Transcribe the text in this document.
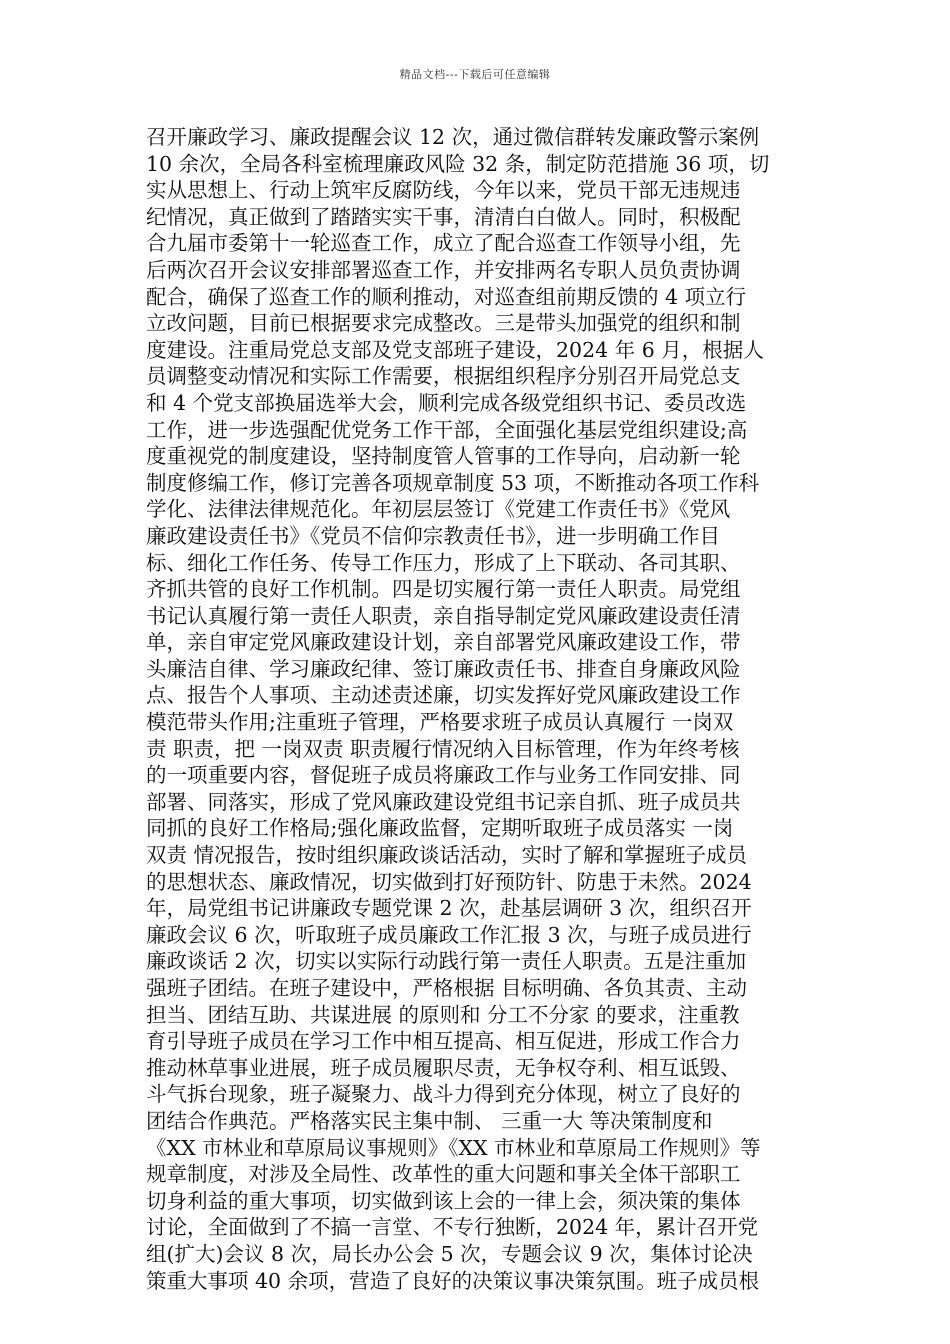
精品文档---下载后可任意编辑
召开廉政学习、廉政提醒会议 12 次，通过微信群转发廉政警示案例
10 余次，全局各科室梳理廉政风险 32 条，制定防范措施 36 项，切
实从思想上、行动上筑牢反腐防线，今年以来，党员干部无违规违
纪情况，真正做到了踏踏实实干事，清清白白做人。同时，积极配
合九届市委第十一轮巡查工作，成立了配合巡查工作领导小组，先
后两次召开会议安排部署巡查工作，并安排两名专职人员负责协调
配合，确保了巡查工作的顺利推动，对巡查组前期反馈的 4 项立行
立改问题，目前已根据要求完成整改。三是带头加强党的组织和制
度建设。注重局党总支部及党支部班子建设，2024 年 6 月，根据人
员调整变动情况和实际工作需要，根据组织程序分别召开局党总支
和 4 个党支部换届选举大会，顺利完成各级党组织书记、委员改选
工作，进一步选强配优党务工作干部，全面强化基层党组织建设;高
度重视党的制度建设，坚持制度管人管事的工作导向，启动新一轮
制度修编工作，修订完善各项规章制度 53 项，不断推动各项工作科
学化、法律法律规范化。年初层层签订《党建工作责任书》《党风
廉政建设责任书》《党员不信仰宗教责任书》，进一步明确工作目
标、细化工作任务、传导工作压力，形成了上下联动、各司其职、
齐抓共管的良好工作机制。四是切实履行第一责任人职责。局党组
书记认真履行第一责任人职责，亲自指导制定党风廉政建设责任清
单，亲自审定党风廉政建设计划，亲自部署党风廉政建设工作，带
头廉洁自律、学习廉政纪律、签订廉政责任书、排查自身廉政风险
点、报告个人事项、主动述责述廉，切实发挥好党风廉政建设工作
模范带头作用;注重班子管理，严格要求班子成员认真履行 一岗双
责 职责，把 一岗双责 职责履行情况纳入目标管理，作为年终考核
的一项重要内容，督促班子成员将廉政工作与业务工作同安排、同
部署、同落实，形成了党风廉政建设党组书记亲自抓、班子成员共
同抓的良好工作格局;强化廉政监督，定期听取班子成员落实 一岗
双责 情况报告，按时组织廉政谈话活动，实时了解和掌握班子成员
的思想状态、廉政情况，切实做到打好预防针、防患于未然。2024
年，局党组书记讲廉政专题党课 2 次，赴基层调研 3 次，组织召开
廉政会议 6 次，听取班子成员廉政工作汇报 3 次，与班子成员进行
廉政谈话 2 次，切实以实际行动践行第一责任人职责。五是注重加
强班子团结。在班子建设中，严格根据 目标明确、各负其责、主动
担当、团结互助、共谋进展 的原则和 分工不分家 的要求，注重教
育引导班子成员在学习工作中相互提高、相互促进，形成工作合力
推动林草事业进展，班子成员履职尽责，无争权夺利、相互诋毁、
斗气拆台现象，班子凝聚力、战斗力得到充分体现，树立了良好的
团结合作典范。严格落实民主集中制、 三重一大 等决策制度和
《XX 市林业和草原局议事规则》《XX 市林业和草原局工作规则》等
规章制度，对涉及全局性、改革性的重大问题和事关全体干部职工
切身利益的重大事项，切实做到该上会的一律上会，须决策的集体
讨论，全面做到了不搞一言堂、不专行独断，2024 年，累计召开党
组(扩大)会议 8 次，局长办公会 5 次，专题会议 9 次，集体讨论决
策重大事项 40 余项，营造了良好的决策议事决策氛围。班子成员根
